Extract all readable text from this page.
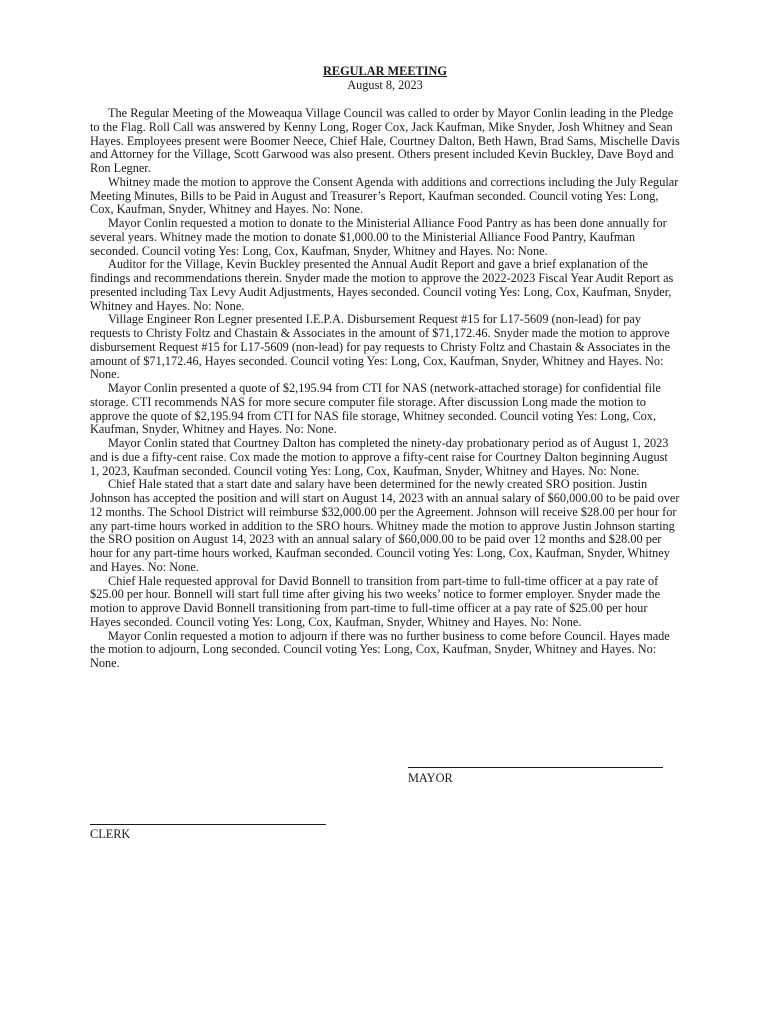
REGULAR MEETING
August 8, 2023

The Regular Meeting of the Moweaqua Village Council was called to order by Mayor Conlin leading in the Pledge to the Flag. Roll Call was answered by Kenny Long, Roger Cox, Jack Kaufman, Mike Snyder, Josh Whitney and Sean Hayes. Employees present were Boomer Neece, Chief Hale, Courtney Dalton, Beth Hawn, Brad Sams, Mischelle Davis and Attorney for the Village, Scott Garwood was also present. Others present included Kevin Buckley, Dave Boyd and Ron Legner.

Whitney made the motion to approve the Consent Agenda with additions and corrections including the July Regular Meeting Minutes, Bills to be Paid in August and Treasurer’s Report, Kaufman seconded. Council voting Yes: Long, Cox, Kaufman, Snyder, Whitney and Hayes. No: None.

Mayor Conlin requested a motion to donate to the Ministerial Alliance Food Pantry as has been done annually for several years. Whitney made the motion to donate $1,000.00 to the Ministerial Alliance Food Pantry, Kaufman seconded. Council voting Yes: Long, Cox, Kaufman, Snyder, Whitney and Hayes. No: None.

Auditor for the Village, Kevin Buckley presented the Annual Audit Report and gave a brief explanation of the findings and recommendations therein. Snyder made the motion to approve the 2022-2023 Fiscal Year Audit Report as presented including Tax Levy Audit Adjustments, Hayes seconded. Council voting Yes: Long, Cox, Kaufman, Snyder, Whitney and Hayes. No: None.

Village Engineer Ron Legner presented I.E.P.A. Disbursement Request #15 for L17-5609 (non-lead) for pay requests to Christy Foltz and Chastain & Associates in the amount of $71,172.46. Snyder made the motion to approve disbursement Request #15 for L17-5609 (non-lead) for pay requests to Christy Foltz and Chastain & Associates in the amount of $71,172.46, Hayes seconded. Council voting Yes: Long, Cox, Kaufman, Snyder, Whitney and Hayes. No: None.

Mayor Conlin presented a quote of $2,195.94 from CTI for NAS (network-attached storage) for confidential file storage. CTI recommends NAS for more secure computer file storage. After discussion Long made the motion to approve the quote of $2,195.94 from CTI for NAS file storage, Whitney seconded. Council voting Yes: Long, Cox, Kaufman, Snyder, Whitney and Hayes. No: None.

Mayor Conlin stated that Courtney Dalton has completed the ninety-day probationary period as of August 1, 2023 and is due a fifty-cent raise. Cox made the motion to approve a fifty-cent raise for Courtney Dalton beginning August 1, 2023, Kaufman seconded. Council voting Yes: Long, Cox, Kaufman, Snyder, Whitney and Hayes. No: None.

Chief Hale stated that a start date and salary have been determined for the newly created SRO position. Justin Johnson has accepted the position and will start on August 14, 2023 with an annual salary of $60,000.00 to be paid over 12 months. The School District will reimburse $32,000.00 per the Agreement. Johnson will receive $28.00 per hour for any part-time hours worked in addition to the SRO hours. Whitney made the motion to approve Justin Johnson starting the SRO position on August 14, 2023 with an annual salary of $60,000.00 to be paid over 12 months and $28.00 per hour for any part-time hours worked, Kaufman seconded. Council voting Yes: Long, Cox, Kaufman, Snyder, Whitney and Hayes. No: None.

Chief Hale requested approval for David Bonnell to transition from part-time to full-time officer at a pay rate of $25.00 per hour. Bonnell will start full time after giving his two weeks’ notice to former employer. Snyder made the motion to approve David Bonnell transitioning from part-time to full-time officer at a pay rate of $25.00 per hour Hayes seconded. Council voting Yes: Long, Cox, Kaufman, Snyder, Whitney and Hayes. No: None.

Mayor Conlin requested a motion to adjourn if there was no further business to come before Council. Hayes made the motion to adjourn, Long seconded. Council voting Yes: Long, Cox, Kaufman, Snyder, Whitney and Hayes. No: None.

MAYOR
CLERK
